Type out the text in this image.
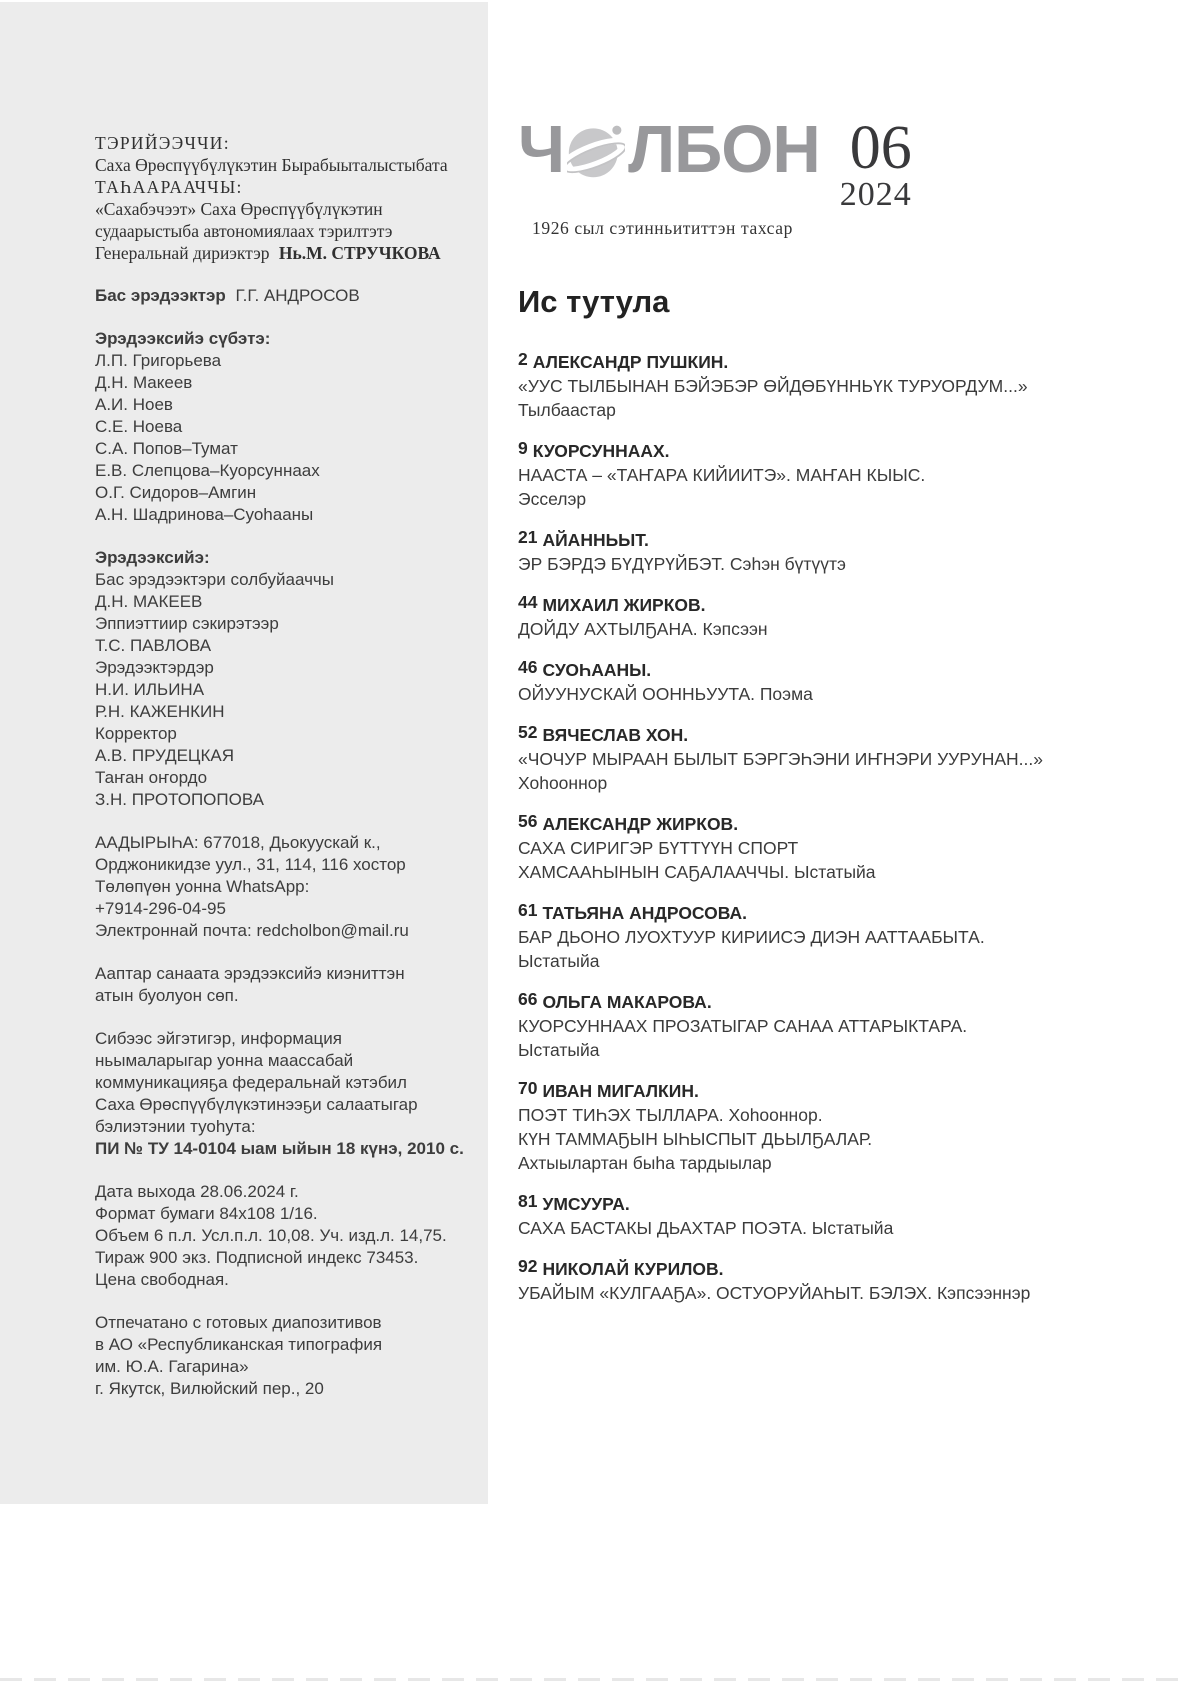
ТЭРИЙЭЭЧЧИ:
Саха Өрөспүүбүлүкэтин Бырабыыталыстыбата
ТАҺААРААЧЧЫ:
«Сахабэчээт» Саха Өрөспүүбүлүкэтин
судаарыстыба автономиялаах тэрилтэтэ
Генеральнай дириэктэр Нь.М. СТРУЧКОВА
Бас эрэдээктэр Г.Г. АНДРОСОВ
Эрэдээксийэ сүбэтэ:
Л.П. Григорьева
Д.Н. Макеев
А.И. Ноев
С.Е. Ноева
С.А. Попов–Тумат
Е.В. Слепцова–Куорсуннаах
О.Г. Сидоров–Амгин
А.Н. Шадринова–Суоһааны
Эрэдээксийэ:
Бас эрэдээктэри солбуйааччы
Д.Н. МАКЕЕВ
Эппиэттиир сэкирэтээр
Т.С. ПАВЛОВА
Эрэдээктэрдэр
Н.И. ИЛЬИНА
Р.Н. КАЖЕНКИН
Корректор
А.В. ПРУДЕЦКАЯ
Таҥан оҥордо
З.Н. ПРОТОПОПОВА
ААДЫРЫҺА: 677018, Дьокуускай к.,
Орджоникидзе уул., 31, 114, 116 хостор
Төлөпүөн уонна WhatsApp:
+7914-296-04-95
Электроннай почта: redcholbon@mail.ru
Ааптар санаата эрэдээксийэ киэниттэн
атын буолуон сөп.
Сибээс эйгэтигэр, информация
ньымаларыгар уонна маассабай
коммуникацияҕа федеральнай кэтэбил
Саха Өрөспүүбүлүкэтинээҕи салаатыгар
бэлиэтэнии туоһута:
ПИ № ТУ 14-0104 ыам ыйын 18 күнэ, 2010 с.
Дата выхода 28.06.2024 г.
Формат бумаги 84х108 1/16.
Объем 6 п.л. Усл.п.л. 10,08. Уч. изд.л. 14,75.
Тираж 900 экз. Подписной индекс 73453.
Цена свободная.
Отпечатано с готовых диапозитивов
в АО «Республиканская типография
им. Ю.А. Гагарина»
г. Якутск, Вилюйский пер., 20
Ч ЛБОН 06
2024
1926 сыл сэтинньититтэн тахсар
Ис тутула
2 АЛЕКСАНДР ПУШКИН.
«УУС ТЫЛБЫНАН БЭЙЭБЭР ӨЙДӨБҮННЬҮК ТУРУОРДУМ...»
Тылбаастар
9 КУОРСУННААХ.
НААСТА – «ТАҤАРА КИЙИИТЭ». МАҤАН КЫЫС.
Эсселэр
21 АЙАННЬЫТ.
ЭР БЭРДЭ БҮДҮРҮЙБЭТ. Сэһэн бүтүүтэ
44 МИХАИЛ ЖИРКОВ.
ДОЙДУ АХТЫЛҔАНА. Кэпсээн
46 СУОҺААНЫ.
ОЙУУНУСКАЙ ООННЬУУТА. Поэма
52 ВЯЧЕСЛАВ ХОН.
«ЧОЧУР МЫРААН БЫЛЫТ БЭРГЭҺЭНИ ИҤНЭРИ УУРУНАН...»
Хоһооннор
56 АЛЕКСАНДР ЖИРКОВ.
САХА СИРИГЭР БҮТТҮҮН СПОРТ
ХАМСААҺЫНЫН САҔАЛААЧЧЫ. Ыстатыйа
61 ТАТЬЯНА АНДРОСОВА.
БАР ДЬОНО ЛУОХТУУР КИРИИСЭ ДИЭН ААТТААБЫТА.
Ыстатыйа
66 ОЛЬГА МАКАРОВА.
КУОРСУННААХ ПРОЗАТЫГАР САНАА АТТАРЫКТАРА.
Ыстатыйа
70 ИВАН МИГАЛКИН.
ПОЭТ ТИҺЭХ ТЫЛЛАРА. Хоһооннор.
КҮН ТАММАҔЫН ЫҺЫСПЫТ ДЬЫЛҔАЛАР.
Ахтыылартан быһа тардыылар
81 УМСУУРА.
САХА БАСТАКЫ ДЬАХТАР ПОЭТА. Ыстатыйа
92 НИКОЛАЙ КУРИЛОВ.
УБАЙЫМ «КУЛГААҔА». ОСТУОРУЙАҺЫТ. БЭЛЭХ. Кэпсээннэр
